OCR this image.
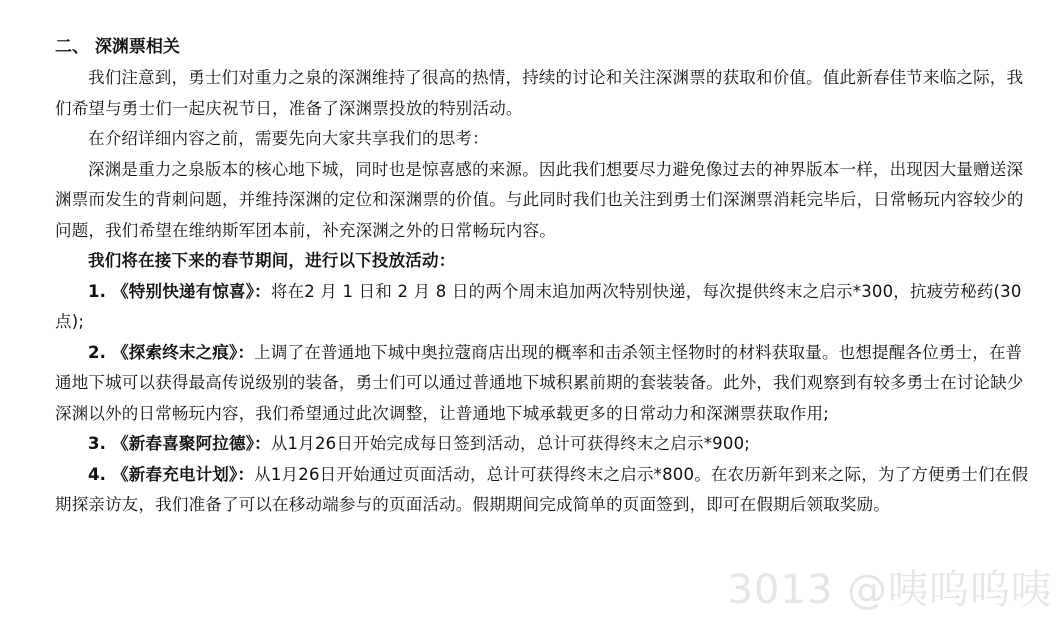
二、 深渊票相关

我们注意到，勇士们对重力之泉的深渊维持了很高的热情，持续的讨论和关注深渊票的获取和价值。值此新春佳节来临之际，我们希望与勇士们一起庆祝节日，准备了深渊票投放的特别活动。

在介绍详细内容之前，需要先向大家共享我们的思考：

深渊是重力之泉版本的核心地下城，同时也是惊喜感的来源。因此我们想要尽力避免像过去的神界版本一样，出现因大量赠送深渊票而发生的背刺问题，并维持深渊的定位和深渊票的价值。与此同时我们也关注到勇士们深渊票消耗完毕后，日常畅玩内容较少的问题，我们希望在维纳斯军团本前，补充深渊之外的日常畅玩内容。

我们将在接下来的春节期间，进行以下投放活动：

1. 《特别快递有惊喜》：将在2 月 1 日和 2 月 8 日的两个周末追加两次特别快递，每次提供终末之启示*300，抗疲劳秘药(30 点);

2. 《探索终末之痕》：上调了在普通地下城中奥拉蔻商店出现的概率和击杀领主怪物时的材料获取量。也想提醒各位勇士，在普通地下城可以获得最高传说级别的装备，勇士们可以通过普通地下城积累前期的套装装备。此外，我们观察到有较多勇士在讨论缺少深渊以外的日常畅玩内容，我们希望通过此次调整，让普通地下城承载更多的日常动力和深渊票获取作用;

3. 《新春喜聚阿拉德》：从1月26日开始完成每日签到活动，总计可获得终末之启示*900;

4. 《新春充电计划》：从1月26日开始通过页面活动，总计可获得终末之启示*800。在农历新年到来之际，为了方便勇士们在假期探亲访友，我们准备了可以在移动端参与的页面活动。假期期间完成简单的页面签到，即可在假期后领取奖励。

3013 @咦呜呜咦
